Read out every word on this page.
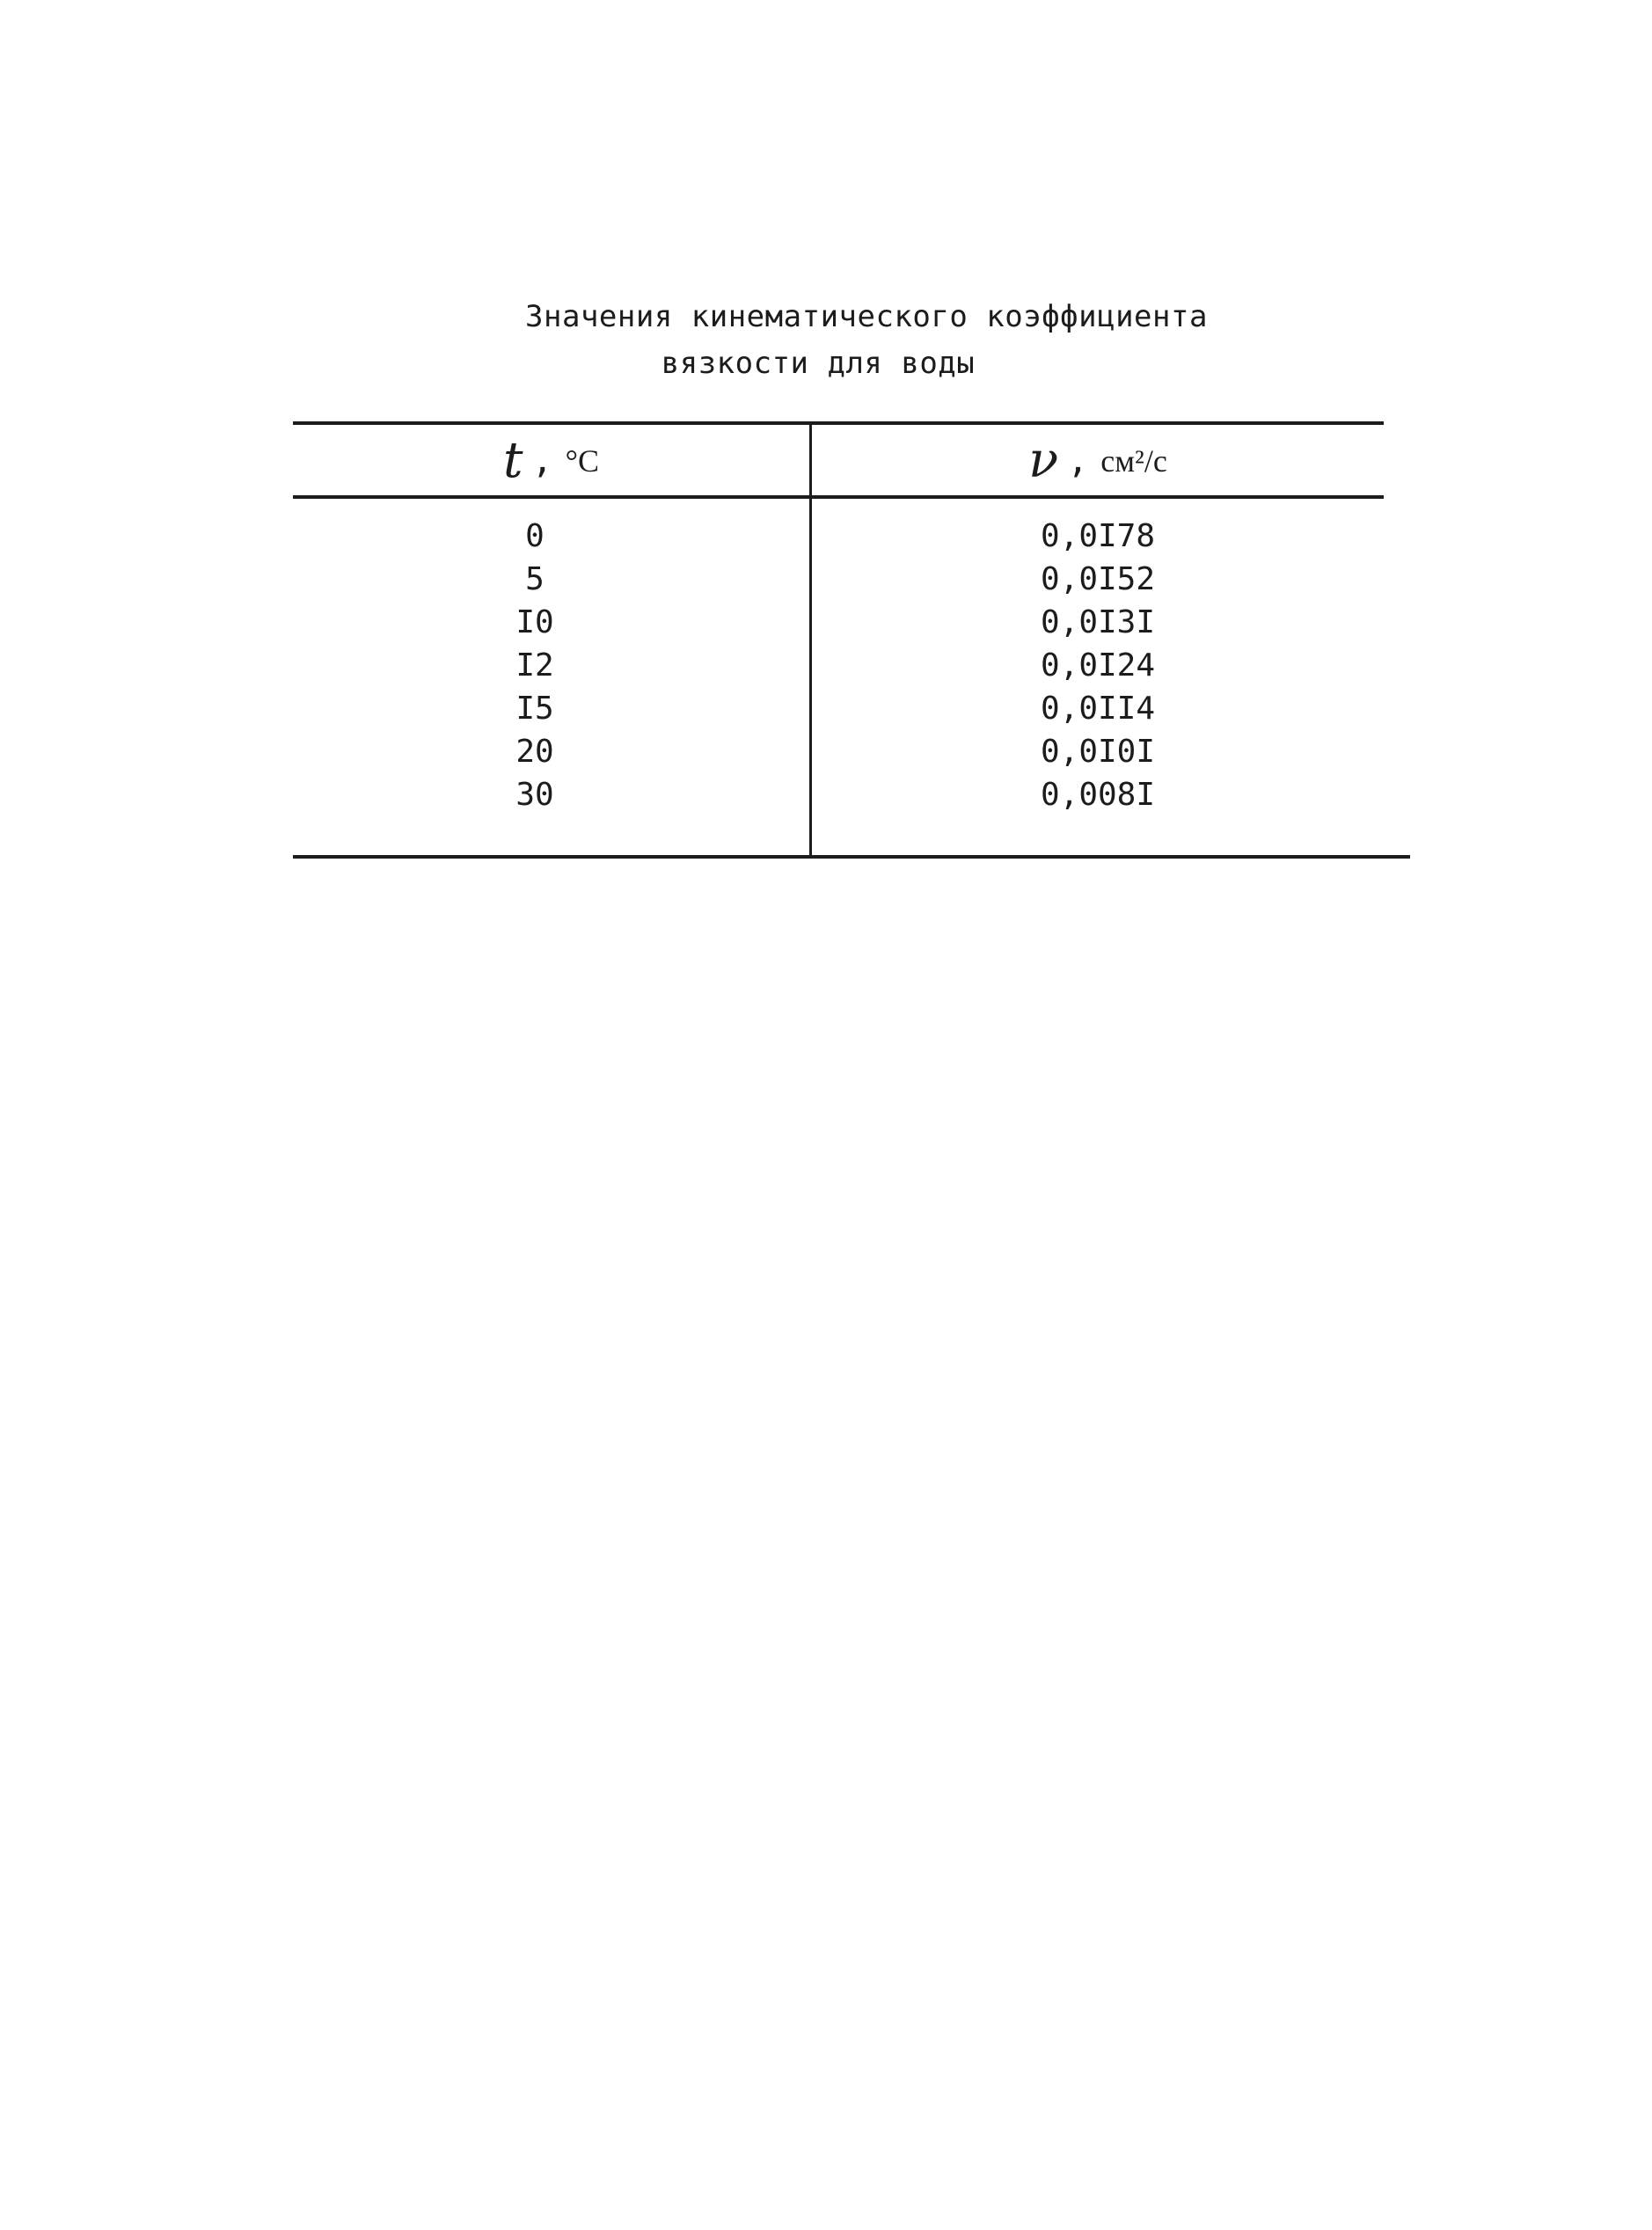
Значения кинематического коэффициента
вязкости для воды
t , °C	ν , см²/с
0
5
I0
I2
I5
20
30
0,0I78
0,0I52
0,0I3I
0,0I24
0,0II4
0,0I0I
0,008I
